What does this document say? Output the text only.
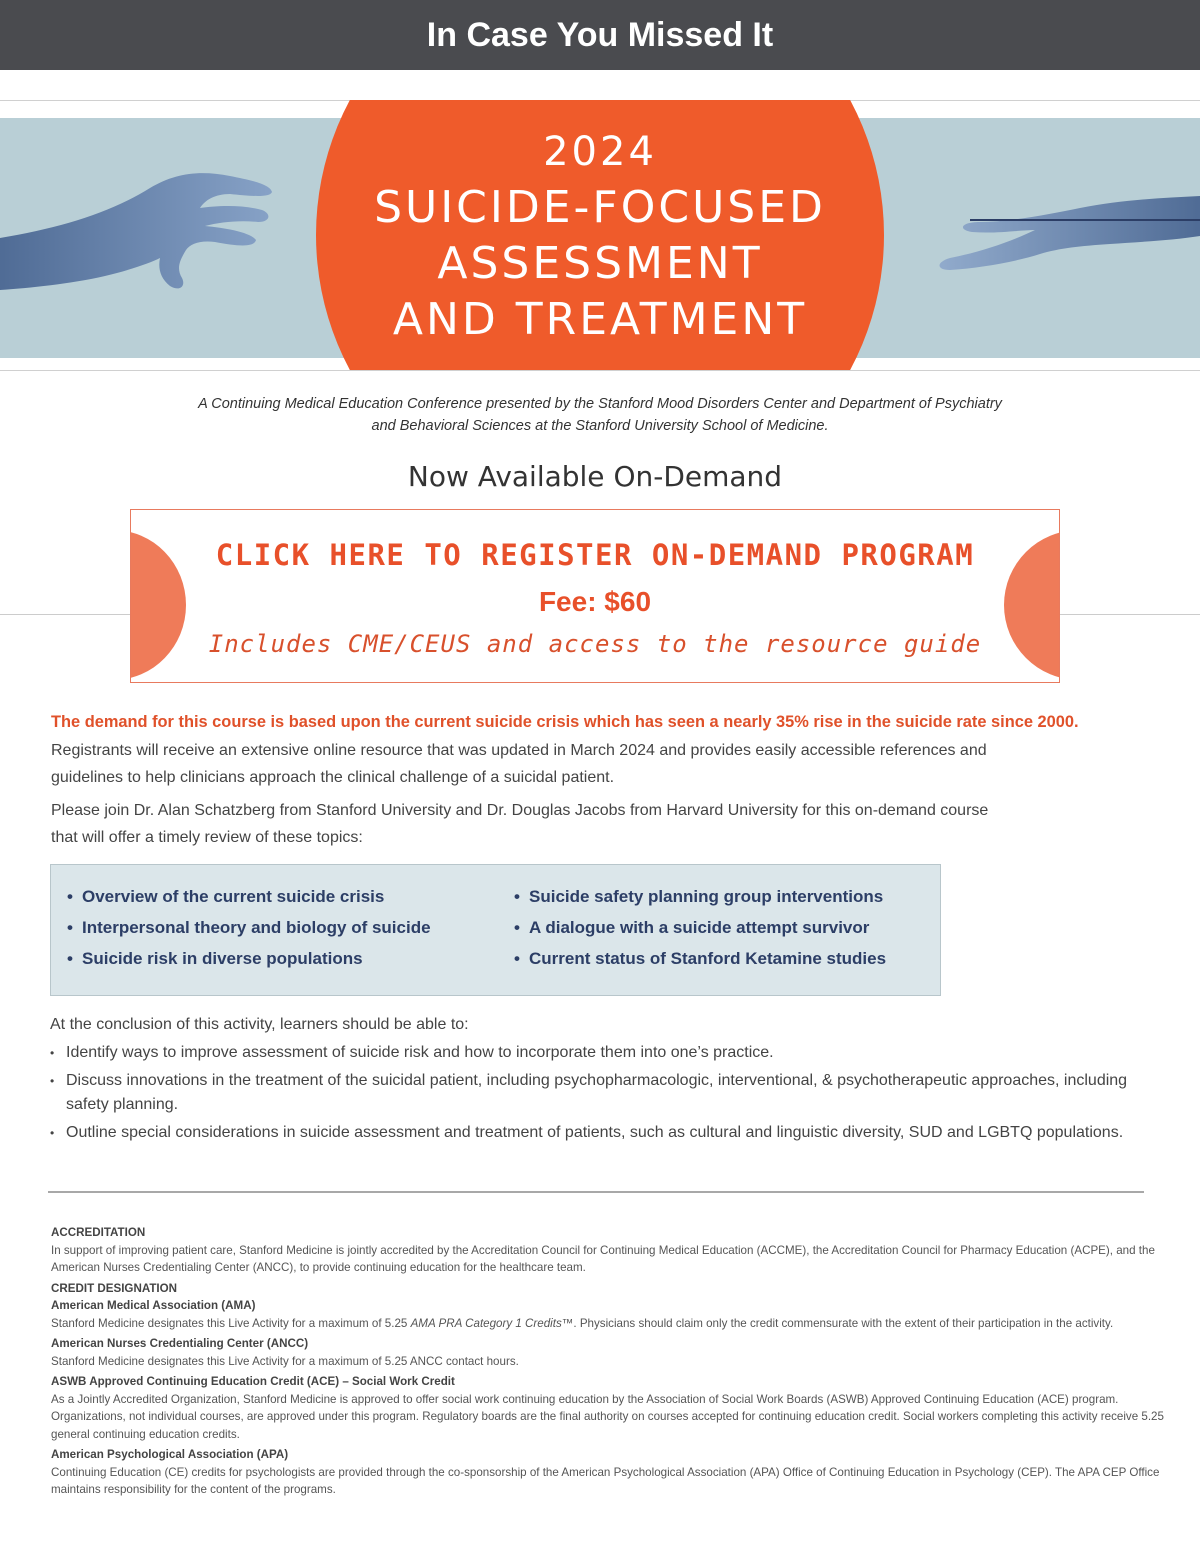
In Case You Missed It
2024
SUICIDE-FOCUSED
ASSESSMENT
AND TREATMENT
A Continuing Medical Education Conference presented by the Stanford Mood Disorders Center and Department of Psychiatry
and Behavioral Sciences at the Stanford University School of Medicine.
Now Available On-Demand
CLICK HERE TO REGISTER ON-DEMAND PROGRAM
Fee: $60
Includes CME/CEUS and access to the resource guide
The demand for this course is based upon the current suicide crisis which has seen a nearly 35% rise in the suicide rate since 2000.
Registrants will receive an extensive online resource that was updated in March 2024 and provides easily accessible references and
guidelines to help clinicians approach the clinical challenge of a suicidal patient.
Please join Dr. Alan Schatzberg from Stanford University and Dr. Douglas Jacobs from Harvard University for this on-demand course
that will offer a timely review of these topics:
• Overview of the current suicide crisis
• Interpersonal theory and biology of suicide
• Suicide risk in diverse populations
• Suicide safety planning group interventions
• A dialogue with a suicide attempt survivor
• Current status of Stanford Ketamine studies

At the conclusion of this activity, learners should be able to:

• Identify ways to improve assessment of suicide risk and how to incorporate them into one’s practice.
• Discuss innovations in the treatment of the suicidal patient, including psychopharmacologic, interventional, & psychotherapeutic approaches, including safety planning.
• Outline special considerations in suicide assessment and treatment of patients, such as cultural and linguistic diversity, SUD and LGBTQ populations.

ACCREDITATION

In support of improving patient care, Stanford Medicine is jointly accredited by the Accreditation Council for Continuing Medical Education (ACCME), the Accreditation Council for Pharmacy Education (ACPE), and the American Nurses Credentialing Center (ANCC), to provide continuing education for the healthcare team.

CREDIT DESIGNATION

American Medical Association (AMA)

Stanford Medicine designates this Live Activity for a maximum of 5.25 AMA PRA Category 1 Credits™. Physicians should claim only the credit commensurate with the extent of their participation in the activity.

American Nurses Credentialing Center (ANCC)

Stanford Medicine designates this Live Activity for a maximum of 5.25 ANCC contact hours.

ASWB Approved Continuing Education Credit (ACE) – Social Work Credit

As a Jointly Accredited Organization, Stanford Medicine is approved to offer social work continuing education by the Association of Social Work Boards (ASWB) Approved Continuing Education (ACE) program. Organizations, not individual courses, are approved under this program. Regulatory boards are the final authority on courses accepted for continuing education credit. Social workers completing this activity receive 5.25 general continuing education credits.

American Psychological Association (APA)

Continuing Education (CE) credits for psychologists are provided through the co-sponsorship of the American Psychological Association (APA) Office of Continuing Education in Psychology (CEP). The APA CEP Office maintains responsibility for the content of the programs.
